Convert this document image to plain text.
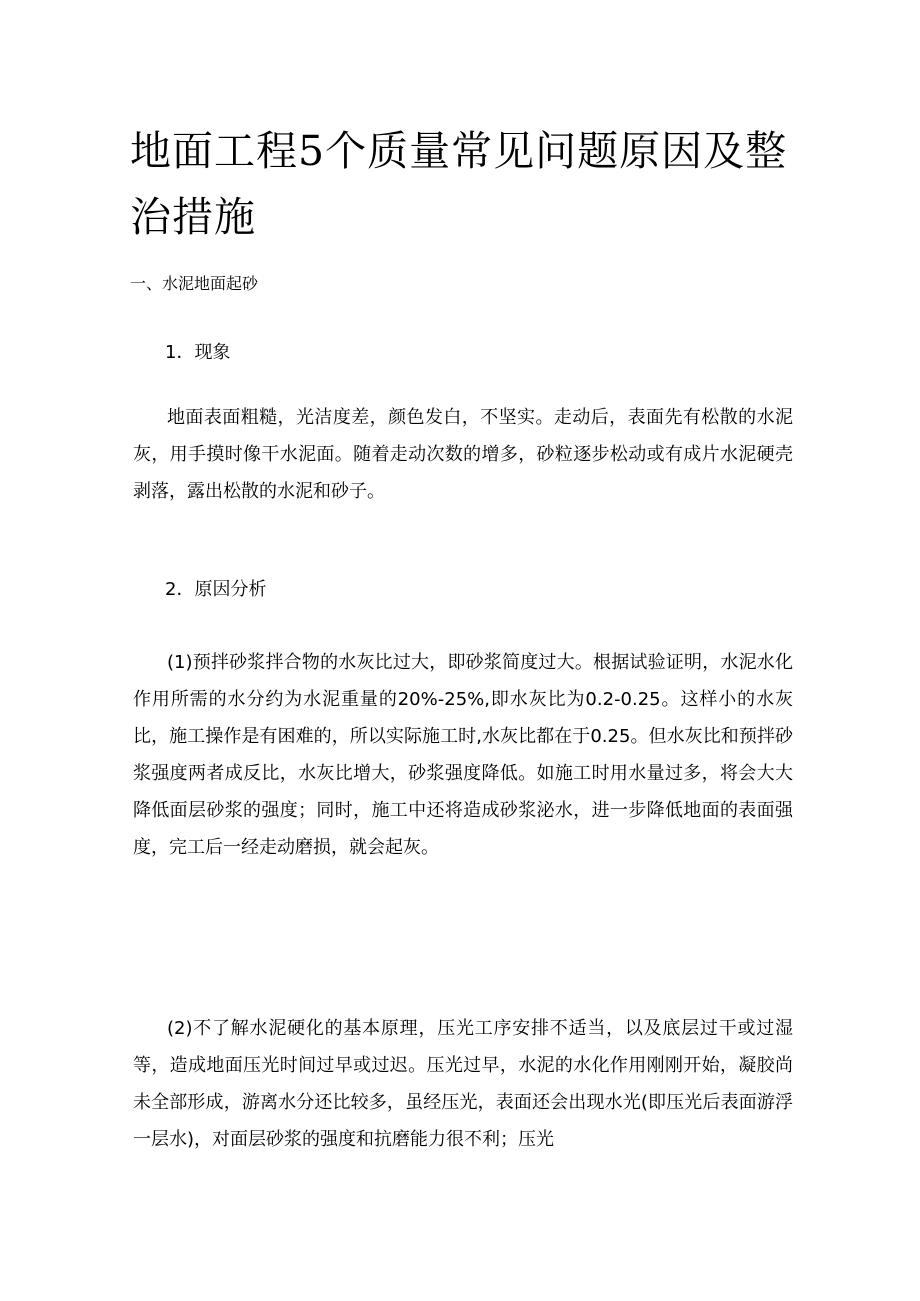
地面工程5个质量常见问题原因及整治措施

一、水泥地面起砂

1．现象

地面表面粗糙，光洁度差，颜色发白，不坚实。走动后，表面先有松散的水泥灰，用手摸时像干水泥面。随着走动次数的增多，砂粒逐步松动或有成片水泥硬壳剥落，露出松散的水泥和砂子。

2．原因分析

(1)预拌砂浆拌合物的水灰比过大，即砂浆简度过大。根据试验证明，水泥水化作用所需的水分约为水泥重量的20%-25%,即水灰比为0.2-0.25。这样小的水灰比，施工操作是有困难的，所以实际施工时,水灰比都在于0.25。但水灰比和预拌砂浆强度两者成反比，水灰比增大，砂浆强度降低。如施工时用水量过多，将会大大降低面层砂浆的强度；同时，施工中还将造成砂浆泌水，进一步降低地面的表面强度，完工后一经走动磨损，就会起灰。

(2)不了解水泥硬化的基本原理，压光工序安排不适当，以及底层过干或过湿等，造成地面压光时间过早或过迟。压光过早，水泥的水化作用刚刚开始，凝胶尚未全部形成，游离水分还比较多，虽经压光，表面还会出现水光(即压光后表面游浮一层水)，对面层砂浆的强度和抗磨能力很不利；压光
